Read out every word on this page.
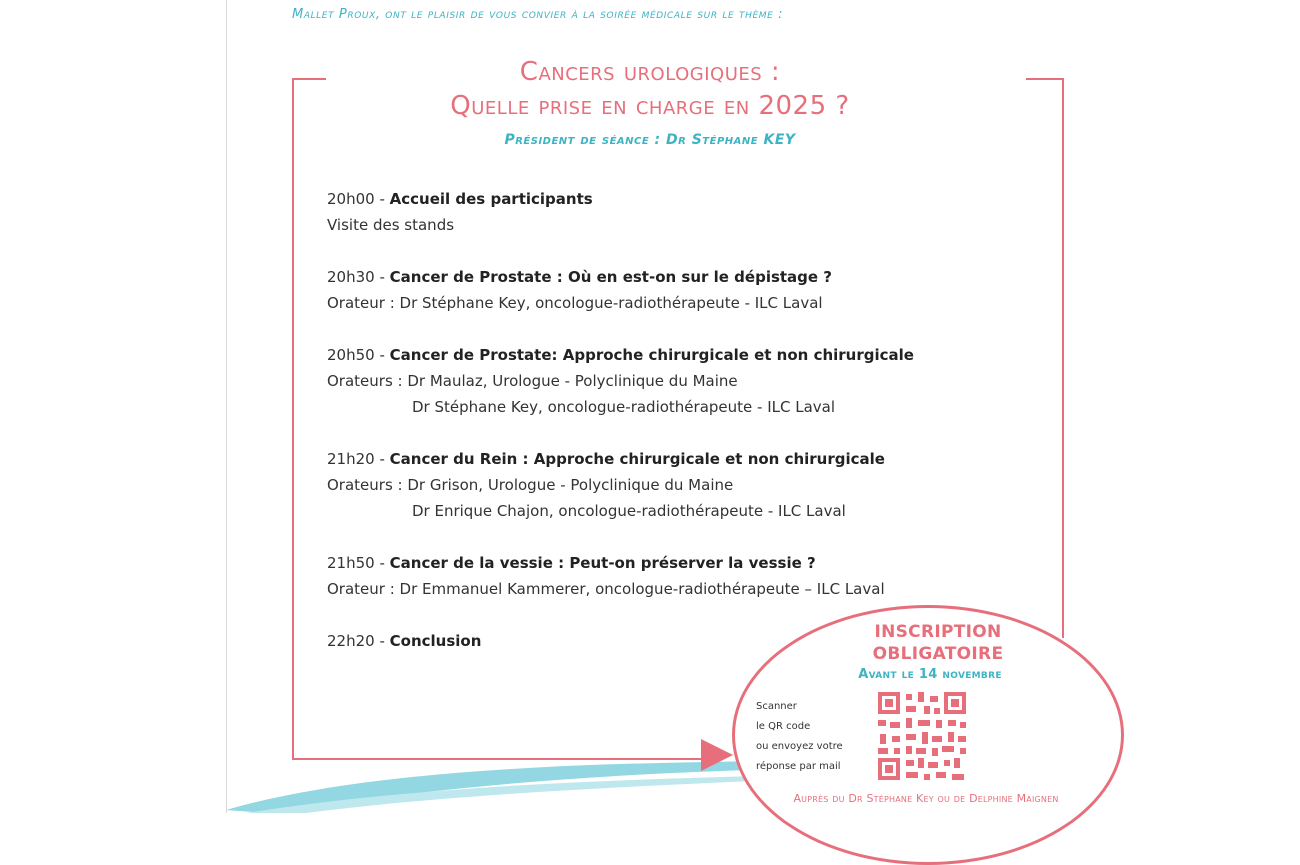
Mallet Proux, ont le plaisir de vous convier à la soirée médicale sur le thème :
Cancers urologiques :
Quelle prise en charge en 2025 ?
Président de séance : Dr Stéphane KEY
20h00 - Accueil des participants
Visite des stands
20h30 - Cancer de Prostate : Où en est-on sur le dépistage ?
Orateur : Dr Stéphane Key, oncologue-radiothérapeute - ILC Laval
20h50 - Cancer de Prostate: Approche chirurgicale et non chirurgicale
Orateurs : Dr Maulaz, Urologue - Polyclinique du Maine
Dr Stéphane Key, oncologue-radiothérapeute - ILC Laval
21h20 - Cancer du Rein : Approche chirurgicale et non chirurgicale
Orateurs : Dr Grison, Urologue - Polyclinique du Maine
Dr Enrique Chajon, oncologue-radiothérapeute - ILC Laval
21h50 - Cancer de la vessie : Peut-on préserver la vessie ?
Orateur : Dr Emmanuel Kammerer, oncologue-radiothérapeute – ILC Laval
22h20 - Conclusion	INSCRIPTION
OBLIGATOIRE
Avant le 14 novembre
Scanner
le QR code
ou envoyez votre
réponse par mail
Auprès du Dr Stéphane Key ou de Delphine Maignen
